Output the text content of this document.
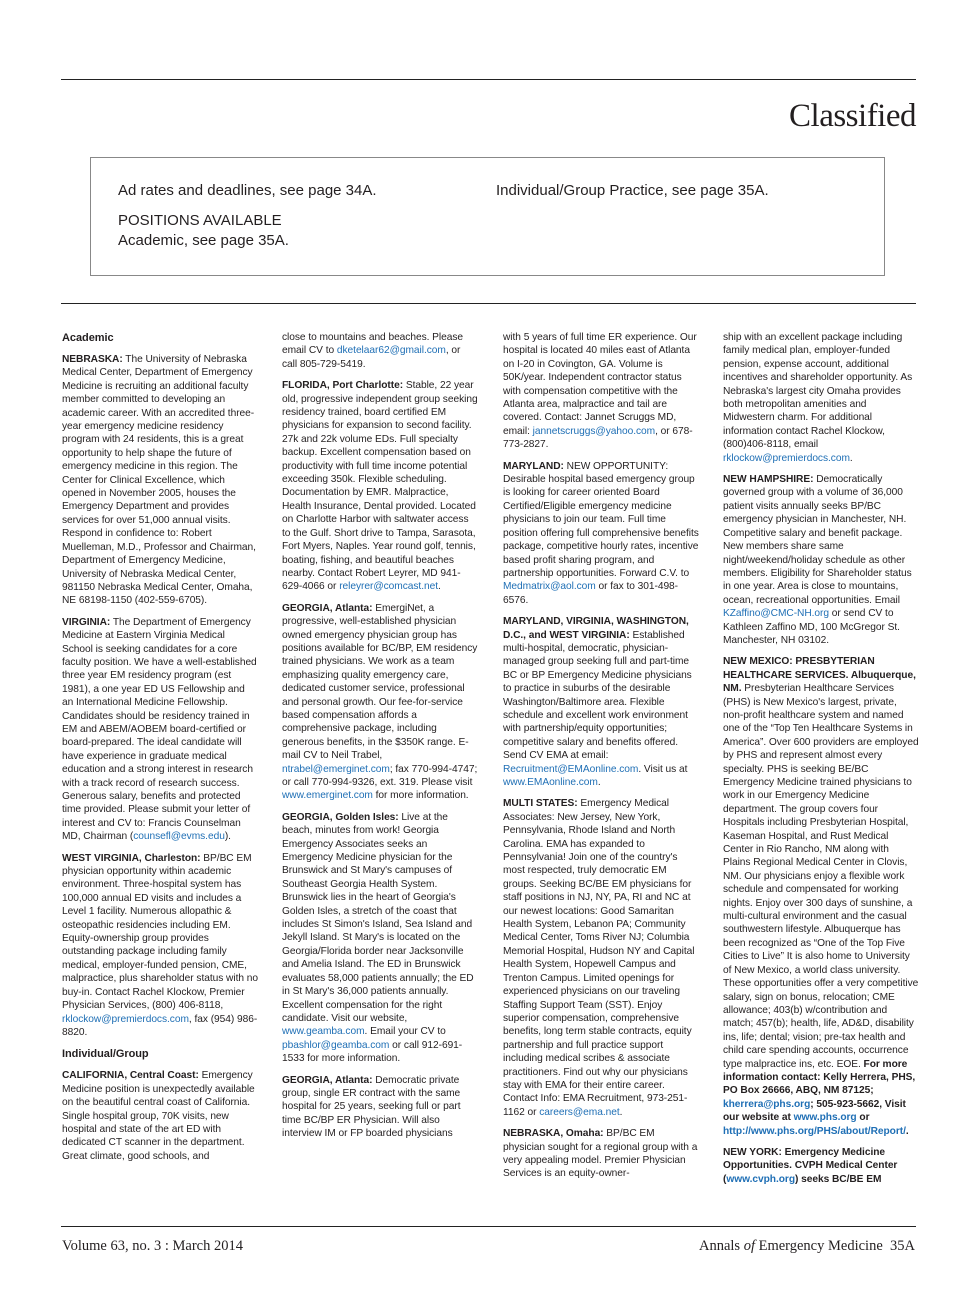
Classified
Ad rates and deadlines, see page 34A.	Individual/Group Practice, see page 35A.
POSITIONS AVAILABLE
Academic, see page 35A.
Academic

NEBRASKA: The University of Nebraska Medical Center, Department of Emergency Medicine is recruiting an additional faculty member committed to developing an academic career. With an accredited three-year emergency medicine residency program with 24 residents, this is a great opportunity to help shape the future of emergency medicine in this region. The Center for Clinical Excellence, which opened in November 2005, houses the Emergency Department and provides services for over 51,000 annual visits. Respond in confidence to: Robert Muelleman, M.D., Professor and Chairman, Department of Emergency Medicine, University of Nebraska Medical Center, 981150 Nebraska Medical Center, Omaha, NE 68198-1150 (402-559-6705).

VIRGINIA: The Department of Emergency Medicine at Eastern Virginia Medical School is seeking candidates for a core faculty position. We have a well-established three year EM residency program (est 1981), a one year ED US Fellowship and an International Medicine Fellowship. Candidates should be residency trained in EM and ABEM/AOBEM board-certified or board-prepared. The ideal candidate will have experience in graduate medical education and a strong interest in research with a track record of research success. Generous salary, benefits and protected time provided. Please submit your letter of interest and CV to: Francis Counselman MD, Chairman (counsefl@evms.edu).

WEST VIRGINIA, Charleston: BP/BC EM physician opportunity within academic environment. Three-hospital system has 100,000 annual ED visits and includes a Level 1 facility. Numerous allopathic & osteopathic residencies including EM. Equity-ownership group provides outstanding package including family medical, employer-funded pension, CME, malpractice, plus shareholder status with no buy-in. Contact Rachel Klockow, Premier Physician Services, (800) 406-8118, rklockow@premierdocs.com, fax (954) 986-8820.

Individual/Group

CALIFORNIA, Central Coast: Emergency Medicine position is unexpectedly available on the beautiful central coast of California. Single hospital group, 70K visits, new hospital and state of the art ED with dedicated CT scanner in the department. Great climate, good schools, and

close to mountains and beaches. Please email CV to dketelaar62@gmail.com, or call 805-729-5419.

FLORIDA, Port Charlotte: Stable, 22 year old, progressive independent group seeking residency trained, board certified EM physicians for expansion to second facility. 27k and 22k volume EDs. Full specialty backup. Excellent compensation based on productivity with full time income potential exceeding 350k. Flexible scheduling. Documentation by EMR. Malpractice, Health Insurance, Dental provided. Located on Charlotte Harbor with saltwater access to the Gulf. Short drive to Tampa, Sarasota, Fort Myers, Naples. Year round golf, tennis, boating, fishing, and beautiful beaches nearby. Contact Robert Leyrer, MD 941-629-4066 or releyrer@comcast.net.

GEORGIA, Atlanta: EmergiNet, a progressive, well-established physician owned emergency physician group has positions available for BC/BP, EM residency trained physicians. We work as a team emphasizing quality emergency care, dedicated customer service, professional and personal growth. Our fee-for-service based compensation affords a comprehensive package, including generous benefits, in the $350K range. E-mail CV to Neil Trabel, ntrabel@emerginet.com; fax 770-994-4747; or call 770-994-9326, ext. 319. Please visit www.emerginet.com for more information.

GEORGIA, Golden Isles: Live at the beach, minutes from work! Georgia Emergency Associates seeks an Emergency Medicine physician for the Brunswick and St Mary's campuses of Southeast Georgia Health System. Brunswick lies in the heart of Georgia's Golden Isles, a stretch of the coast that includes St Simon's Island, Sea Island and Jekyll Island. St Mary's is located on the Georgia/Florida border near Jacksonville and Amelia Island. The ED in Brunswick evaluates 58,000 patients annually; the ED in St Mary's 36,000 patients annually. Excellent compensation for the right candidate. Visit our website, www.geamba.com. Email your CV to pbashlor@geamba.com or call 912-691-1533 for more information.

GEORGIA, Atlanta: Democratic private group, single ER contract with the same hospital for 25 years, seeking full or part time BC/BP ER Physician. Will also interview IM or FP boarded physicians

with 5 years of full time ER experience. Our hospital is located 40 miles east of Atlanta on I-20 in Covington, GA. Volume is 50K/year. Independent contractor status with compensation competitive with the Atlanta area, malpractice and tail are covered. Contact: Jannet Scruggs MD, email: jannetscruggs@yahoo.com, or 678-773-2827.

MARYLAND: NEW OPPORTUNITY: Desirable hospital based emergency group is looking for career oriented Board Certified/Eligible emergency medicine physicians to join our team. Full time position offering full comprehensive benefits package, competitive hourly rates, incentive based profit sharing program, and partnership opportunities. Forward C.V. to Medmatrix@aol.com or fax to 301-498-6576.

MARYLAND, VIRGINIA, WASHINGTON, D.C., and WEST VIRGINIA: Established multi-hospital, democratic, physician-managed group seeking full and part-time BC or BP Emergency Medicine physicians to practice in suburbs of the desirable Washington/Baltimore area. Flexible schedule and excellent work environment with partnership/equity opportunities; competitive salary and benefits offered. Send CV EMA at email: Recruitment@EMAonline.com. Visit us at www.EMAonline.com.

MULTI STATES: Emergency Medical Associates: New Jersey, New York, Pennsylvania, Rhode Island and North Carolina. EMA has expanded to Pennsylvania! Join one of the country's most respected, truly democratic EM groups. Seeking BC/BE EM physicians for staff positions in NJ, NY, PA, RI and NC at our newest locations: Good Samaritan Health System, Lebanon PA; Community Medical Center, Toms River NJ; Columbia Memorial Hospital, Hudson NY and Capital Health System, Hopewell Campus and Trenton Campus. Limited openings for experienced physicians on our traveling Staffing Support Team (SST). Enjoy superior compensation, comprehensive benefits, long term stable contracts, equity partnership and full practice support including medical scribes & associate practitioners. Find out why our physicians stay with EMA for their entire career. Contact Info: EMA Recruitment, 973-251-1162 or careers@ema.net.

NEBRASKA, Omaha: BP/BC EM physician sought for a regional group with a very appealing model. Premier Physician Services is an equity-owner-

ship with an excellent package including family medical plan, employer-funded pension, expense account, additional incentives and shareholder opportunity. As Nebraska's largest city Omaha provides both metropolitan amenities and Midwestern charm. For additional information contact Rachel Klockow, (800)406-8118, email rklockow@premierdocs.com.

NEW HAMPSHIRE: Democratically governed group with a volume of 36,000 patient visits annually seeks BP/BC emergency physician in Manchester, NH. Competitive salary and benefit package. New members share same night/weekend/holiday schedule as other members. Eligibility for Shareholder status in one year. Area is close to mountains, ocean, recreational opportunities. Email KZaffino@CMC-NH.org or send CV to Kathleen Zaffino MD, 100 McGregor St. Manchester, NH 03102.

NEW MEXICO: PRESBYTERIAN HEALTHCARE SERVICES. Albuquerque, NM. Presbyterian Healthcare Services (PHS) is New Mexico's largest, private, non-profit healthcare system and named one of the “Top Ten Healthcare Systems in America”. Over 600 providers are employed by PHS and represent almost every specialty. PHS is seeking BE/BC Emergency Medicine trained physicians to work in our Emergency Medicine department. The group covers four Hospitals including Presbyterian Hospital, Kaseman Hospital, and Rust Medical Center in Rio Rancho, NM along with Plains Regional Medical Center in Clovis, NM. Our physicians enjoy a flexible work schedule and compensated for working nights. Enjoy over 300 days of sunshine, a multi-cultural environment and the casual southwestern lifestyle. Albuquerque has been recognized as “One of the Top Five Cities to Live” It is also home to University of New Mexico, a world class university. These opportunities offer a very competitive salary, sign on bonus, relocation; CME allowance; 403(b) w/contribution and match; 457(b); health, life, AD&D, disability ins, life; dental; vision; pre-tax health and child care spending accounts, occurrence type malpractice ins, etc. EOE. For more information contact: Kelly Herrera, PHS, PO Box 26666, ABQ, NM 87125; kherrera@phs.org; 505-923-5662, Visit our website at www.phs.org or http://www.phs.org/PHS/about/Report/.

NEW YORK: Emergency Medicine Opportunities. CVPH Medical Center (www.cvph.org) seeks BC/BE EM

Volume 63, no. 3 : March 2014	Annals of Emergency Medicine 35A
